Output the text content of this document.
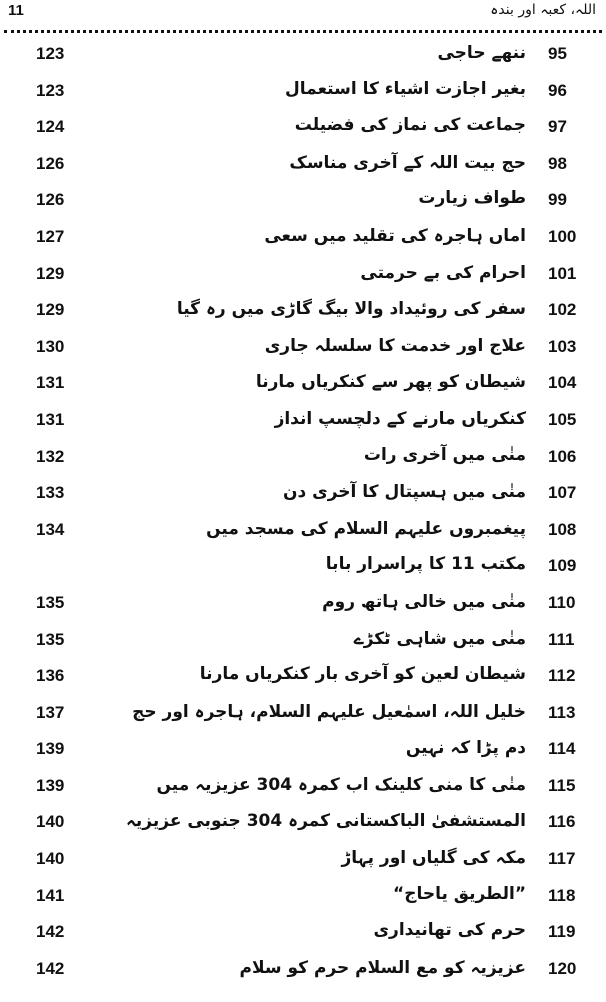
11	اللہ، کعبہ اور بندہ
123	ننھے حاجی 95
123	بغیر اجازت اشیاء کا استعمال 96
124	جماعت کی نماز کی فضیلت 97
126	حج بیت اللہ کے آخری مناسک 98
126	طواف زیارت 99
127	اماں ہاجرہ کی تقلید میں سعی 100
129	احرام کی بے حرمتی 101
129	سفر کی روئیداد والا بیگ گاڑی میں رہ گیا 102
130	علاج اور خدمت کا سلسلہ جاری 103
131	شیطان کو پھر سے کنکریاں مارنا 104
131	کنکریاں مارنے کے دلچسپ انداز 105
132	منٰی میں آخری رات 106
133	منٰی میں ہسپتال کا آخری دن 107
134	پیغمبروں علیہم السلام کی مسجد میں 108
مکتب 11 کا پراسرار بابا 109
135	منٰی میں خالی ہاتھ روم 110
135	منٰی میں شاہی ٹکڑے 111
136	شیطان لعین کو آخری بار کنکریاں مارنا 112
137	خلیل اللہ، اسمٰعیل علیہم السلام، ہاجرہ اور حج 113
139	دم پڑا کہ نہیں 114
139	منٰی کا منی کلینک اب کمرہ 304 عزیزیہ میں 115
140	المستشفیٰ الباکستانی کمرہ 304 جنوبی عزیزیہ 116
140	مکہ کی گلیاں اور پہاڑ 117
141	”الطریق یاحاج“ 118
142	حرم کی تھانیداری 119
142	عزیزیہ کو مع السلام حرم کو سلام 120
